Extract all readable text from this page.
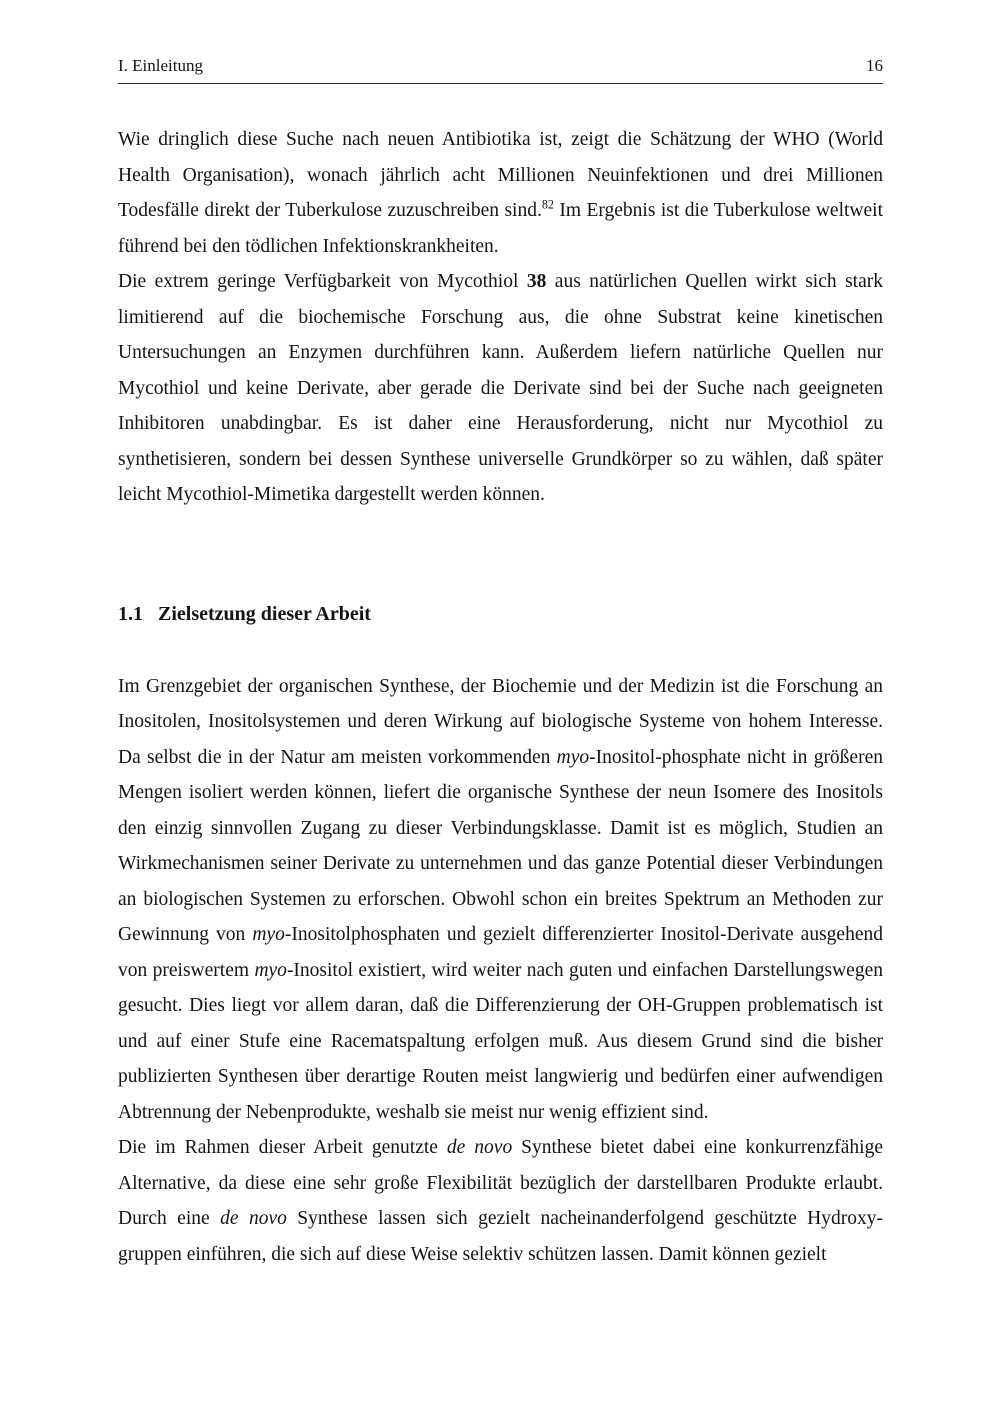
I. Einleitung	16

Wie dringlich diese Suche nach neuen Antibiotika ist, zeigt die Schätzung der WHO (World Health Organisation), wonach jährlich acht Millionen Neuinfektionen und drei Millionen Todesfälle direkt der Tuberkulose zuzuschreiben sind.$^{82}$ Im Ergebnis ist die Tuberkulose weltweit führend bei den tödlichen Infektionskrankheiten.

Die extrem geringe Verfügbarkeit von Mycothiol 38 aus natürlichen Quellen wirkt sich stark limitierend auf die biochemische Forschung aus, die ohne Substrat keine kinetischen Untersuchungen an Enzymen durchführen kann. Außerdem liefern natürliche Quellen nur Mycothiol und keine Derivate, aber gerade die Derivate sind bei der Suche nach geeigneten Inhibitoren unabdingbar. Es ist daher eine Herausforderung, nicht nur Mycothiol zu synthetisieren, sondern bei dessen Synthese universelle Grundkörper so zu wählen, daß später leicht Mycothiol-Mimetika dargestellt werden können.

1.1 Zielsetzung dieser Arbeit

Im Grenzgebiet der organischen Synthese, der Biochemie und der Medizin ist die Forschung an Inositolen, Inositolsystemen und deren Wirkung auf biologische Systeme von hohem Interesse. Da selbst die in der Natur am meisten vorkommenden myo-Inositol-phosphate nicht in größeren Mengen isoliert werden können, liefert die organische Synthese der neun Isomere des Inositols den einzig sinnvollen Zugang zu dieser Verbindungsklasse. Damit ist es möglich, Studien an Wirkmechanismen seiner Derivate zu unternehmen und das ganze Potential dieser Verbindungen an biologischen Systemen zu erforschen. Obwohl schon ein breites Spektrum an Methoden zur Gewinnung von myo-Inositolphosphaten und gezielt differenzierter Inositol-Derivate ausgehend von preiswertem myo-Inositol existiert, wird weiter nach guten und einfachen Darstellungswegen gesucht. Dies liegt vor allem daran, daß die Differenzierung der OH-Gruppen problematisch ist und auf einer Stufe eine Racematspaltung erfolgen muß. Aus diesem Grund sind die bisher publizierten Synthesen über derartige Routen meist langwierig und bedürfen einer aufwendigen Abtrennung der Nebenprodukte, weshalb sie meist nur wenig effizient sind.

Die im Rahmen dieser Arbeit genutzte de novo Synthese bietet dabei eine konkurrenzfähige Alternative, da diese eine sehr große Flexibilität bezüglich der darstellbaren Produkte erlaubt. Durch eine de novo Synthese lassen sich gezielt nacheinanderfolgend geschützte Hydroxy-gruppen einführen, die sich auf diese Weise selektiv schützen lassen. Damit können gezielt
